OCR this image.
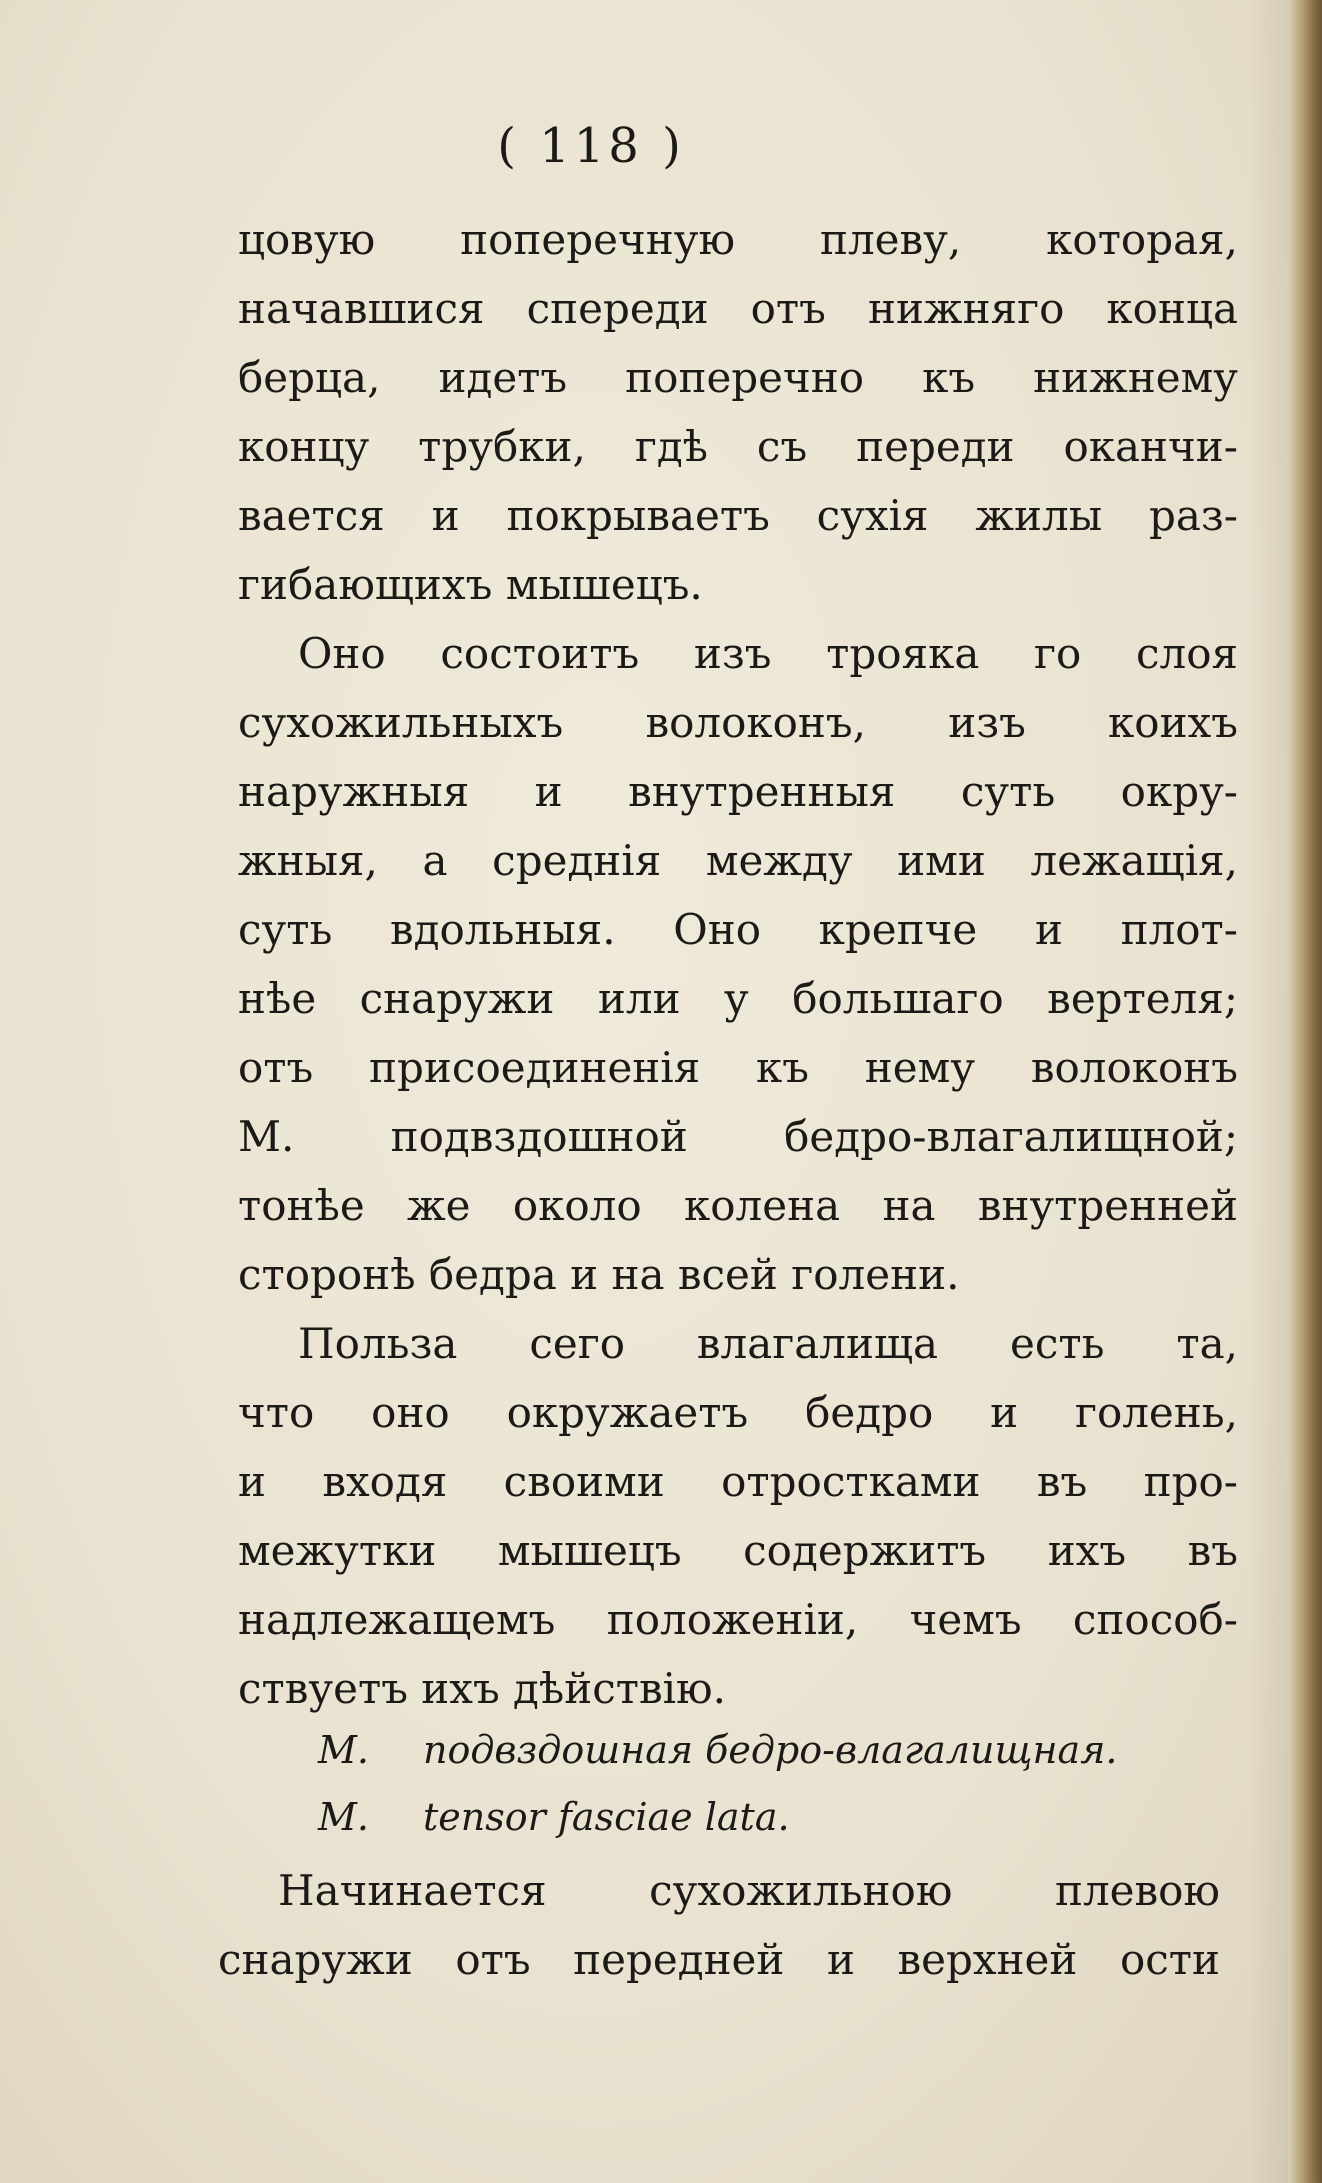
( 118 )
цовую поперечную плеву, которая,
начавшися спереди отъ нижняго конца
берца, идетъ поперечно къ нижнему
концу трубки, гдѣ съ переди оканчи-
вается и покрываетъ сухія жилы раз-
гибающихъ мышецъ.
Оно состоитъ изъ трояка го слоя
сухожильныхъ волоконъ, изъ коихъ
наружныя и внутренныя суть окру-
жныя, а среднія между ими лежащія,
суть вдольныя. Оно крепче и плот-
нѣе снаружи или у большаго вертеля;
отъ присоединенія къ нему волоконъ
М. подвздошной бедро-влагалищной;
тонѣе же около колена на внутренней
сторонѣ бедра и на всей голени.
Польза сего влагалища есть та,
что оно окружаетъ бедро и голень,
и входя своими отростками въ про-
межутки мышецъ содержитъ ихъ въ
надлежащемъ положеніи, чемъ способ-
ствуетъ ихъ дѣйствію.
M. подвздошная бедро-влагалищная.
M. tensor fasciae lata.
Начинается сухожильною плевою
снаружи отъ передней и верхней ости
